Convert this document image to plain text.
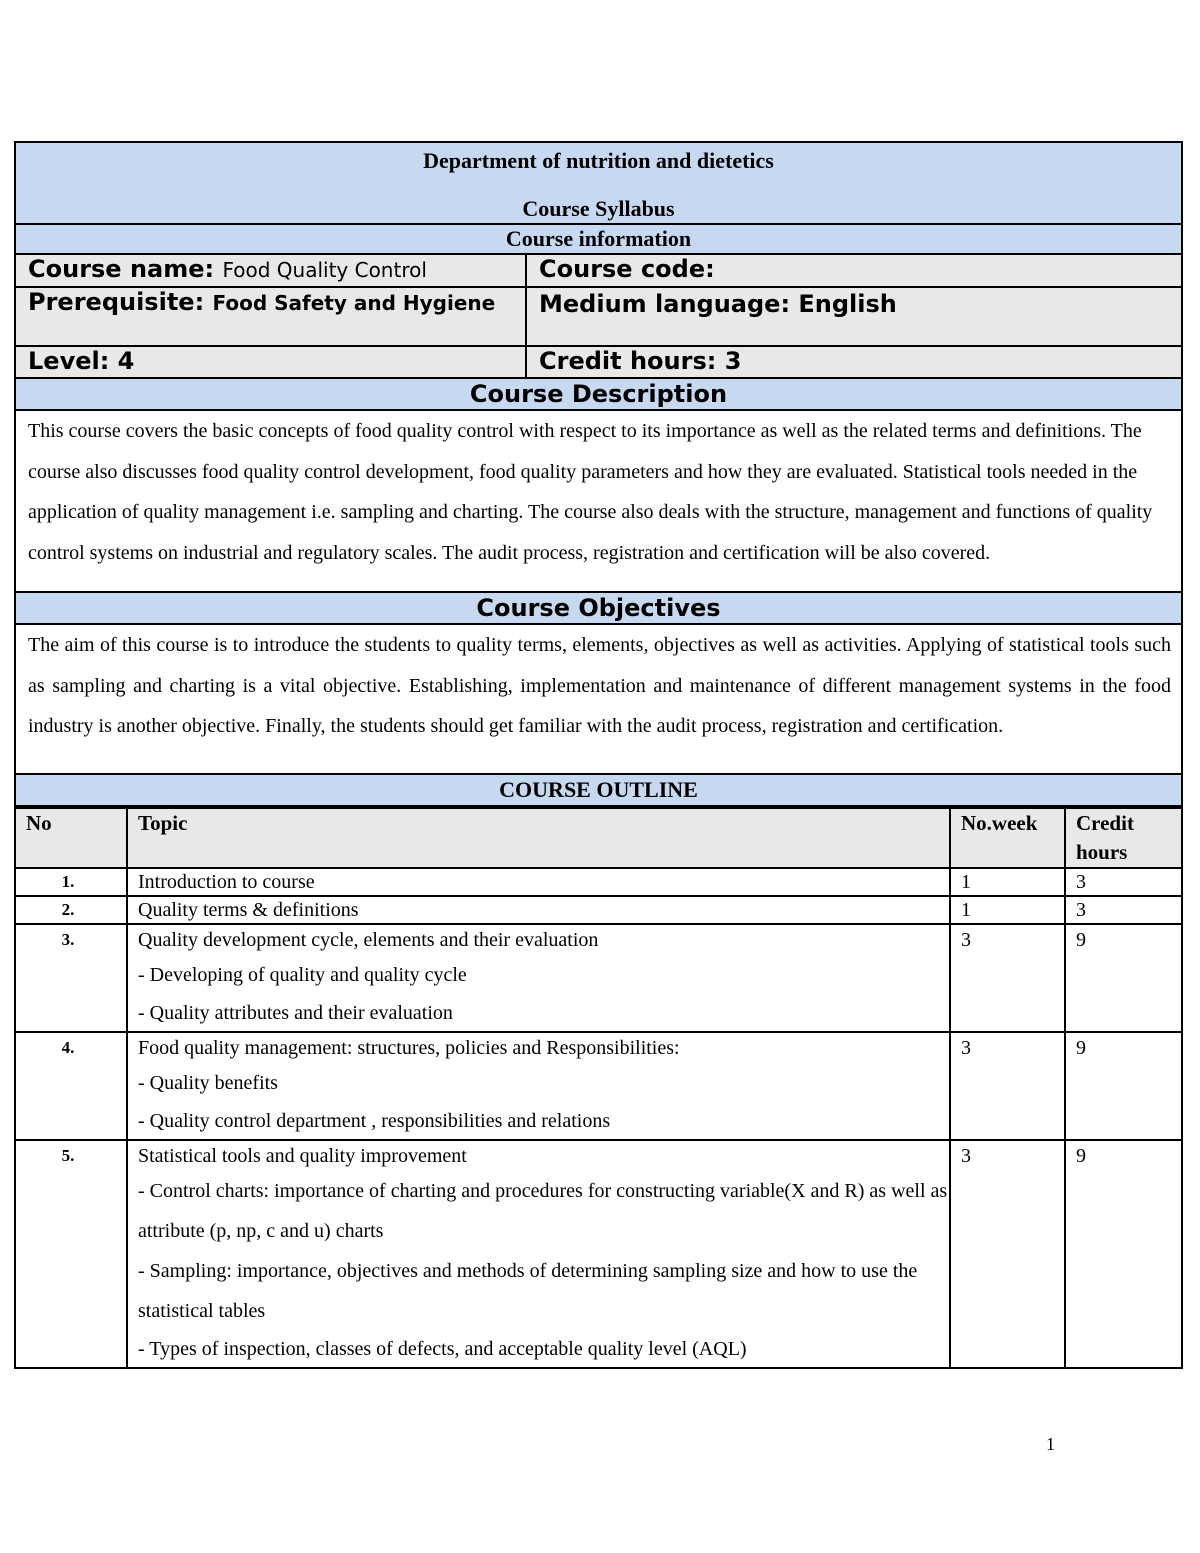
Department of nutrition and dietetics
Course Syllabus	

Course information	
Course name: Food Quality Control	Course code:
Prerequisite: Food Safety and Hygiene	Medium language: English
Level: 4	Credit hours: 3
Course Description	
This course covers the basic concepts of food quality control with respect to its importance as well as the related terms and definitions. The course also discusses food quality control development, food quality parameters and how they are evaluated. Statistical tools needed in the application of quality management i.e. sampling and charting. The course also deals with the structure, management and functions of quality control systems on industrial and regulatory scales. The audit process, registration and certification will be also covered.	
Course Objectives	
The aim of this course is to introduce the students to quality terms, elements, objectives as well as activities. Applying of statistical tools such as sampling and charting is a vital objective. Establishing, implementation and maintenance of different management systems in the food industry is another objective. Finally, the students should get familiar with the audit process, registration and certification.	
COURSE OUTLINE	
No	Topic	No.week	Credit hours
1.	Introduction to course	1	3
2.	Quality terms & definitions	1	3
3.	Quality development cycle, elements and their evaluation
- Developing of quality and quality cycle
- Quality attributes and their evaluation	3	9
4.	Food quality management: structures, policies and Responsibilities:
- Quality benefits
- Quality control department , responsibilities and relations	3	9
5.	Statistical tools and quality improvement
- Control charts: importance of charting and procedures for constructing variable(X and R) as well as attribute (p, np, c and u) charts
- Sampling: importance, objectives and methods of determining sampling size and how to use the statistical tables
- Types of inspection, classes of defects, and acceptable quality level (AQL)	3	9
1
